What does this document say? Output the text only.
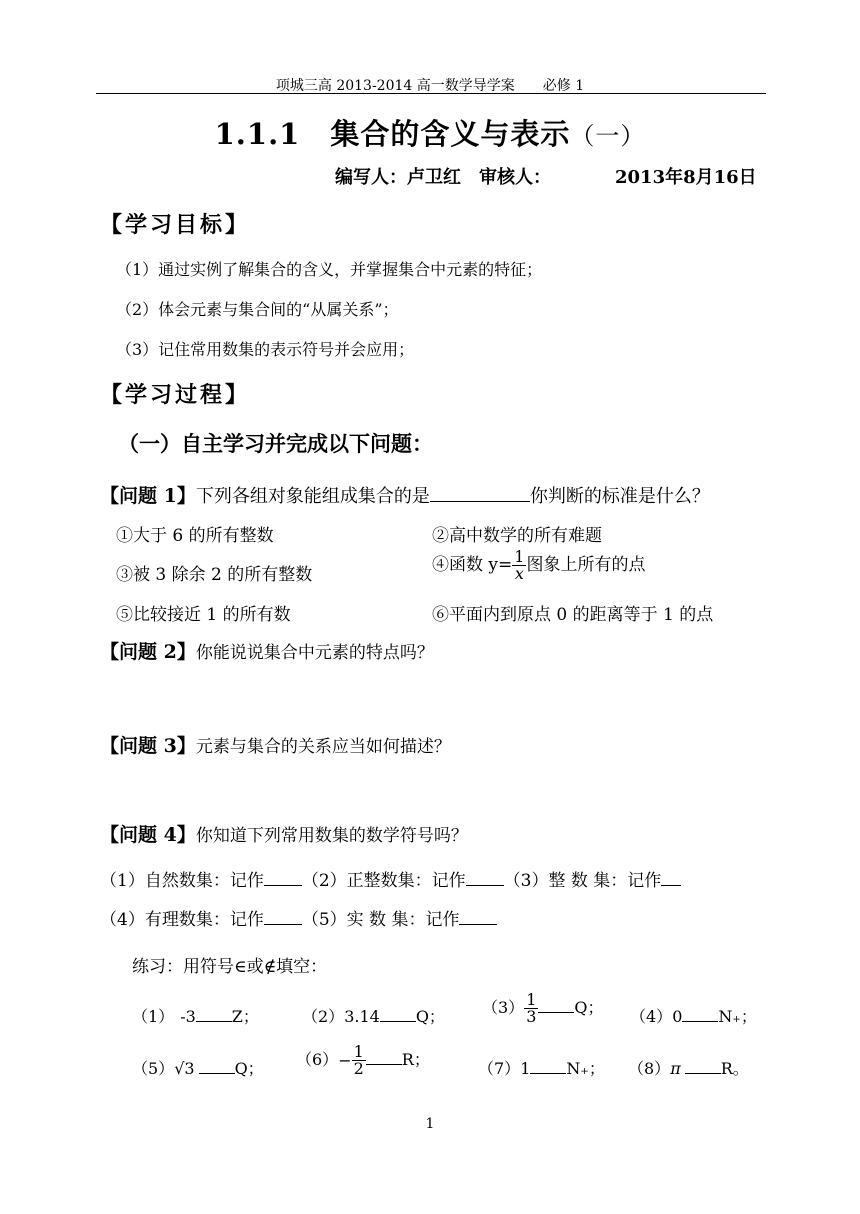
项城三高 2013-2014 高一数学导学案　　必修 1
1.1.1　集合的含义与表示（一）
编写人：卢卫红　审核人：	2013年8月16日
【学习目标】
（1）通过实例了解集合的含义，并掌握集合中元素的特征；
（2）体会元素与集合间的“从属关系”；
（3）记住常用数集的表示符号并会应用；
【学习过程】
（一）自主学习并完成以下问题：
【问题 1】下列各组对象能组成集合的是	你判断的标准是什么？
①大于 6 的所有整数	②高中数学的所有难题
③被 3 除余 2 的所有整数	④函数 $y= \frac{1}{x}$ 图象上所有的点
⑤比较接近 1 的所有数	⑥平面内到原点 0 的距离等于 1 的点
【问题 2】你能说说集合中元素的特点吗？
【问题 3】元素与集合的关系应当如何描述？
【问题 4】你知道下列常用数集的数学符号吗？
（1）自然数集：记作 （2）正整数集：记作 （3）整 数 集：记作
（4）有理数集：记作 （5）实 数 集：记作
练习：用符号∈或∉填空：
（1） -3 Z；	（2）3.14 Q； $(3) \frac{1}{3}$ Q； （4）0 N₊；
（5）√3	Q； $(6)- \frac{1}{2}$ R；	（7）1 N₊； （8）π	R。
1
